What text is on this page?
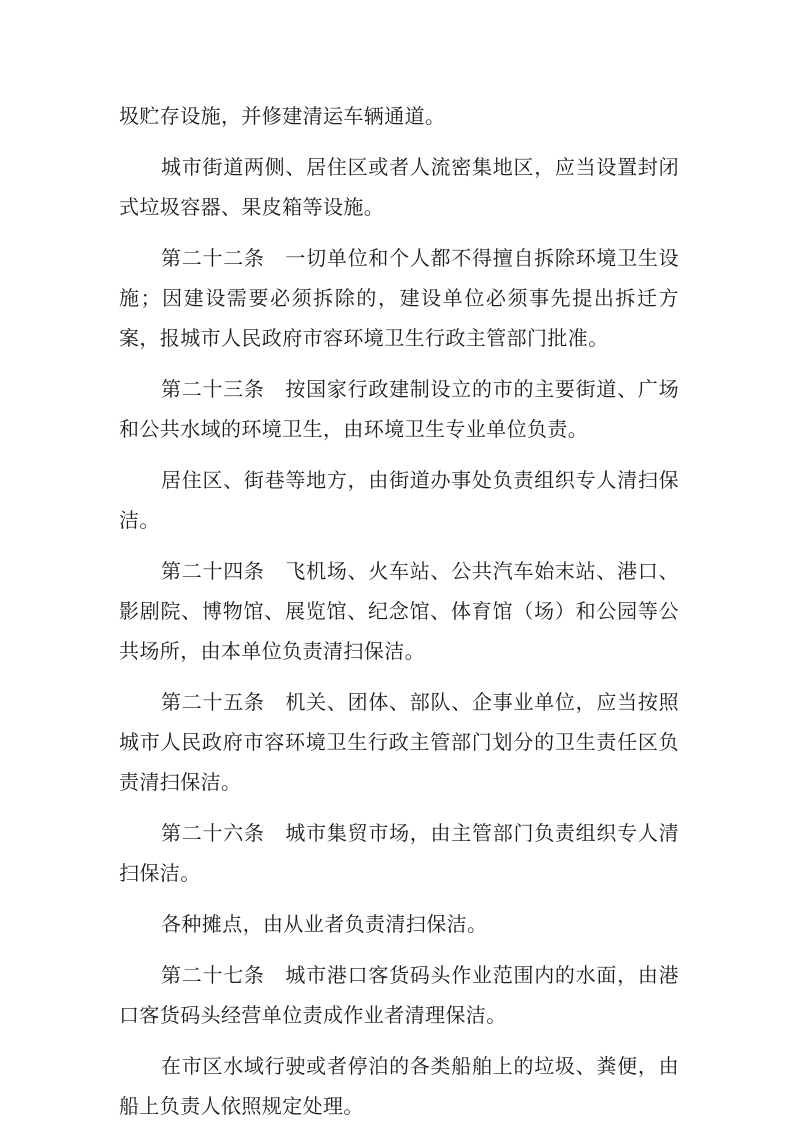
圾贮存设施，并修建清运车辆通道。

城市街道两侧、居住区或者人流密集地区，应当设置封闭式垃圾容器、果皮箱等设施。

第二十二条　一切单位和个人都不得擅自拆除环境卫生设施；因建设需要必须拆除的，建设单位必须事先提出拆迁方案，报城市人民政府市容环境卫生行政主管部门批准。

第二十三条　按国家行政建制设立的市的主要街道、广场和公共水域的环境卫生，由环境卫生专业单位负责。

居住区、街巷等地方，由街道办事处负责组织专人清扫保洁。

第二十四条　飞机场、火车站、公共汽车始末站、港口、影剧院、博物馆、展览馆、纪念馆、体育馆（场）和公园等公共场所，由本单位负责清扫保洁。

第二十五条　机关、团体、部队、企事业单位，应当按照城市人民政府市容环境卫生行政主管部门划分的卫生责任区负责清扫保洁。

第二十六条　城市集贸市场，由主管部门负责组织专人清扫保洁。

各种摊点，由从业者负责清扫保洁。

第二十七条　城市港口客货码头作业范围内的水面，由港口客货码头经营单位责成作业者清理保洁。

在市区水域行驶或者停泊的各类船舶上的垃圾、粪便，由船上负责人依照规定处理。
